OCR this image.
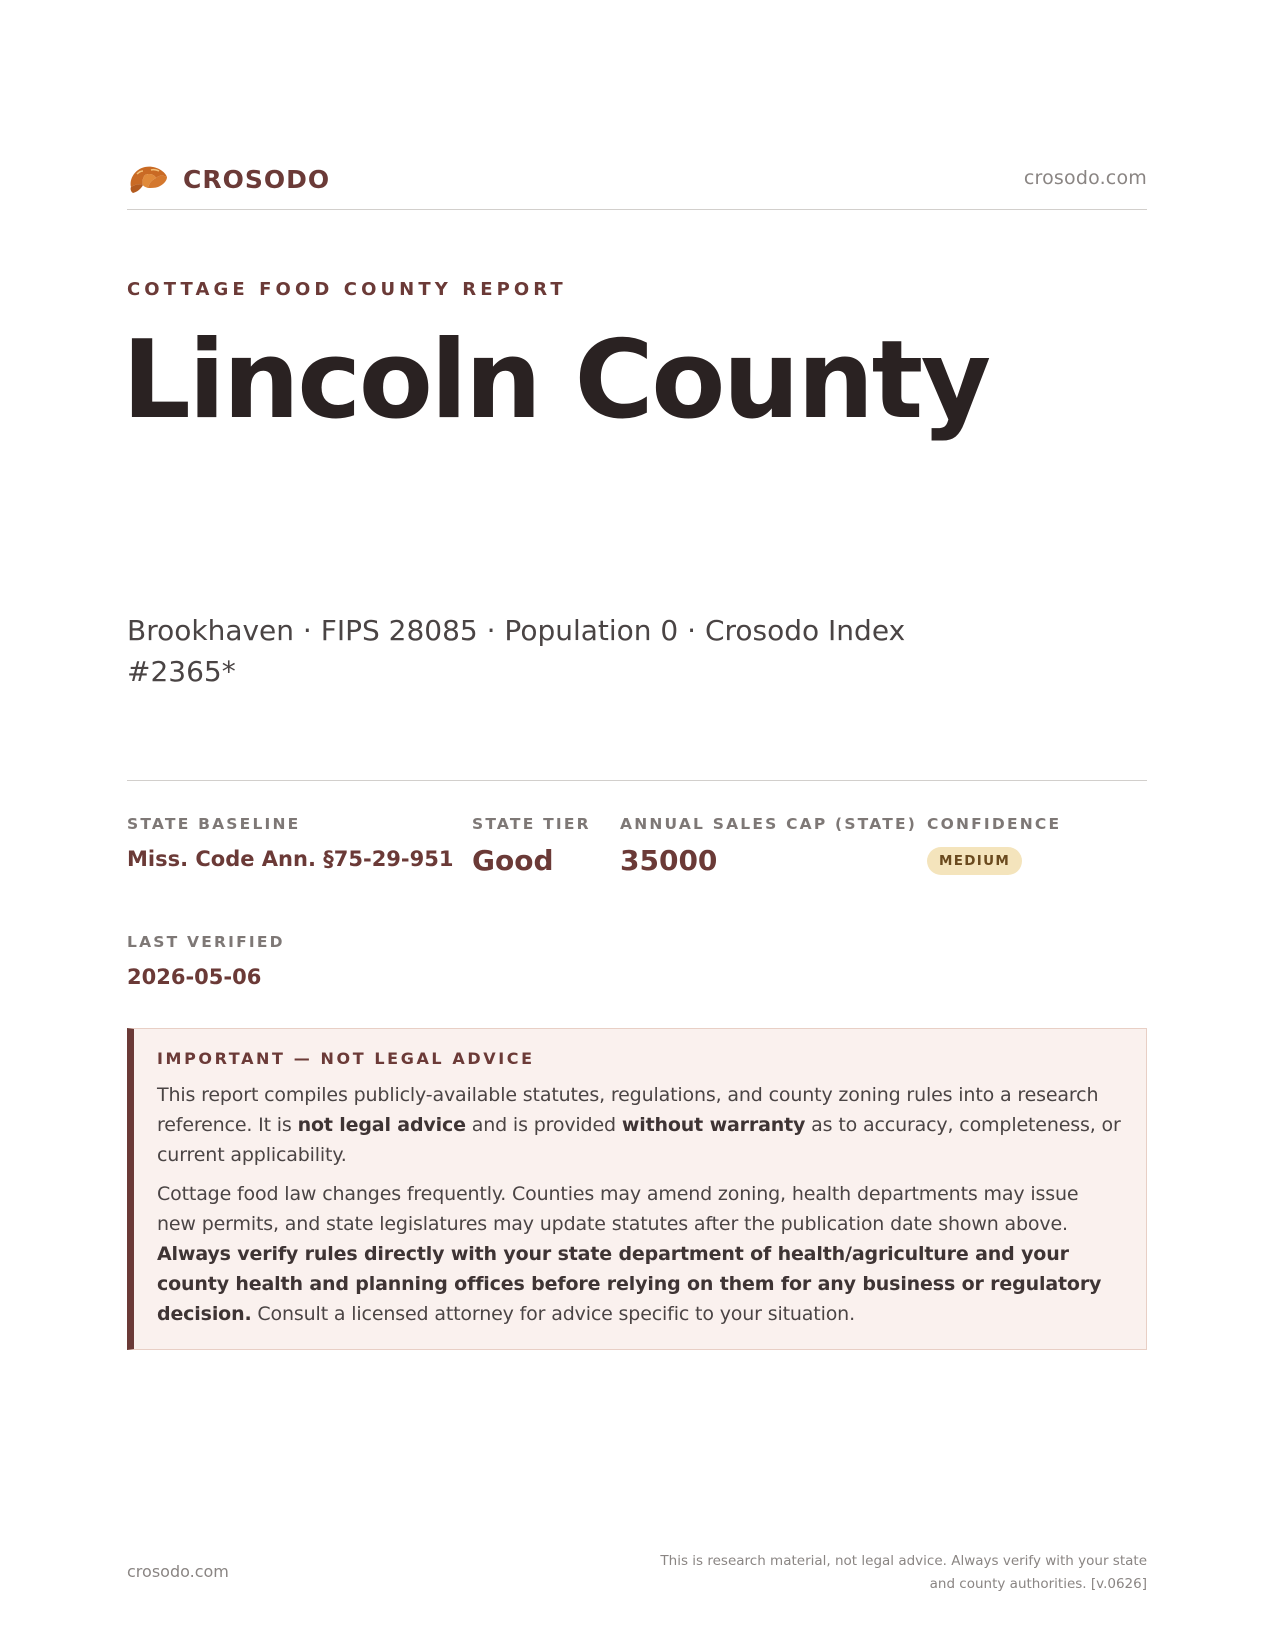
CROSODO	crosodo.com
COTTAGE FOOD COUNTY REPORT
Lincoln County
Brookhaven · FIPS 28085 · Population 0 · Crosodo Index #2365*
STATE BASELINE
Miss. Code Ann. §75-29-951
STATE TIER
Good
ANNUAL SALES CAP (STATE)
35000
CONFIDENCE
MEDIUM
LAST VERIFIED
2026-05-06
IMPORTANT — NOT LEGAL ADVICE

This report compiles publicly-available statutes, regulations, and county zoning rules into a research reference. It is not legal advice and is provided without warranty as to accuracy, completeness, or current applicability.

Cottage food law changes frequently. Counties may amend zoning, health departments may issue new permits, and state legislatures may update statutes after the publication date shown above. Always verify rules directly with your state department of health/agriculture and your county health and planning offices before relying on them for any business or regulatory decision. Consult a licensed attorney for advice specific to your situation.

crosodo.com
This is research material, not legal advice. Always verify with your state
and county authorities. [v.0626]
